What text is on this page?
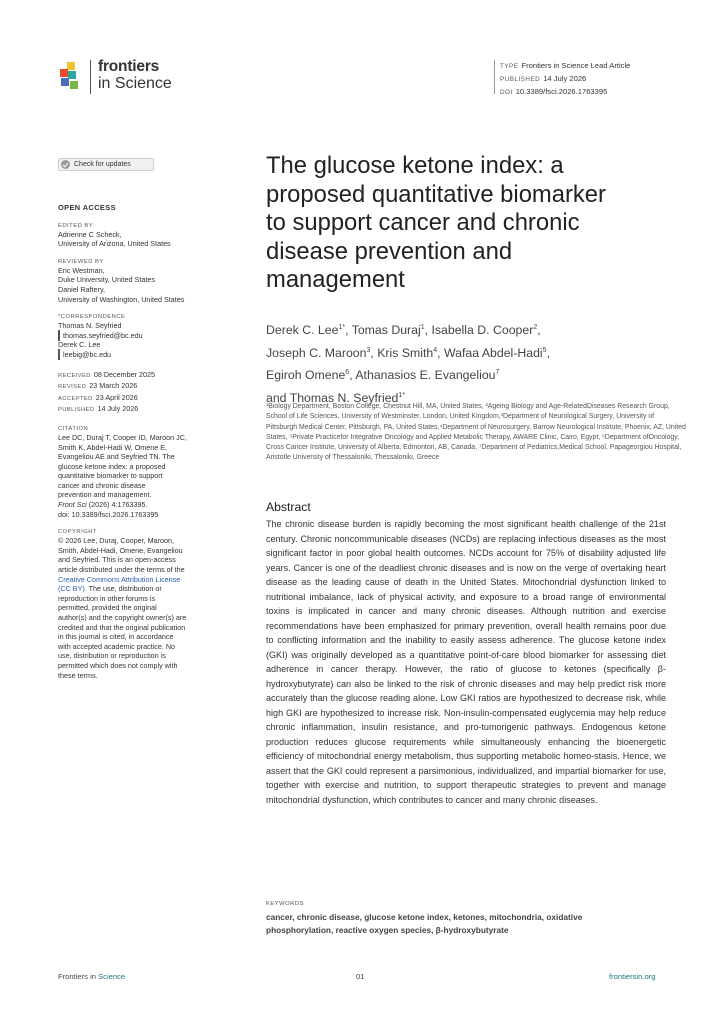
frontiers
in Science
TYPE Frontiers in Science Lead Article
PUBLISHED 14 July 2026
DOI 10.3389/fsci.2026.1763395
Check for updates
OPEN ACCESS
EDITED BY
Adrienne C Scheck,
University of Arizona, United States
REVIEWED BY
Eric Westman,
Duke University, United States
Daniel Raftery,
University of Washington, United States
*CORRESPONDENCE
Thomas N. Seyfried
thomas.seyfried@bc.edu
Derek C. Lee
leebig@bc.edu
RECEIVED 08 December 2025
REVISED 23 March 2026
ACCEPTED 23 April 2026
PUBLISHED 14 July 2026
CITATION
Lee DC, Duraj T, Cooper ID, Maroon JC,
Smith K, Abdel-Hadi W, Omene E,
Evangeliou AE and Seyfried TN. The
glucose ketone index: a proposed
quantitative biomarker to support
cancer and chronic disease
prevention and management.
Front Sci (2026) 4:1763395.
doi: 10.3389/fsci.2026.1763395
COPYRIGHT
© 2026 Lee, Duraj, Cooper, Maroon,
Smith, Abdel-Hadi, Omene, Evangeliou
and Seyfried. This is an open-access
article distributed under the terms of the
Creative Commons Attribution License
(CC BY). The use, distribution or
reproduction in other forums is
permitted, provided the original
author(s) and the copyright owner(s) are
credited and that the original publication
in this journal is cited, in accordance
with accepted academic practice. No
use, distribution or reproduction is
permitted which does not comply with
these terms.
The glucose ketone index: a
proposed quantitative biomarker
to support cancer and chronic
disease prevention and
management
Derek C. Lee$^{1*}$, Tomas Duraj$^1$, Isabella D. Cooper$^2$,
Joseph C. Maroon$^3$, Kris Smith$^4$, Wafaa Abdel-Hadi$^5$,
Egiroh Omene$^6$, Athanasios E. Evangeliou$^7$
and Thomas N. Seyfried$^{1*}$
¹Biology Department, Boston College, Chestnut Hill, MA, United States, ²Ageing Biology and Age-RelatedDiseases Research Group, School of Life Sciences, University of Westminster, London, United Kingdom,³Department of Neurological Surgery, University of Pittsburgh Medical Center, Pittsburgh, PA, United States,⁴Department of Neurosurgery, Barrow Neurological Institute, Phoenix, AZ, United States, ⁵Private Practicefor Integrative Oncology and Applied Metabolic Therapy, AWARE Clinic, Cairo, Egypt, ⁶Department ofOncology, Cross Cancer Institute, University of Alberta, Edmonton, AB, Canada, ⁷Department of Pediatrics,Medical School, Papageorgiou Hospital, Aristotle University of Thessaloniki, Thessaloniki, Greece
Abstract

The chronic disease burden is rapidly becoming the most significant health challenge of the 21st century. Chronic noncommunicable diseases (NCDs) are replacing infectious diseases as the most significant factor in poor global health outcomes. NCDs account for 75% of disability adjusted life years. Cancer is one of the deadliest chronic diseases and is now on the verge of overtaking heart disease as the leading cause of death in the United States. Mitochondrial dysfunction linked to nutritional imbalance, lack of physical activity, and exposure to a broad range of environmental toxins is implicated in cancer and many chronic diseases. Although nutrition and exercise recommendations have been emphasized for primary prevention, overall health remains poor due to conflicting information and the inability to easily assess adherence. The glucose ketone index (GKI) was originally developed as a quantitative point-of-care blood biomarker for assessing diet adherence in cancer therapy. However, the ratio of glucose to ketones (specifically β-hydroxybutyrate) can also be linked to the risk of chronic diseases and may help predict risk more accurately than the glucose reading alone. Low GKI ratios are hypothesized to decrease risk, while high GKI are hypothesized to increase risk. Non-insulin-compensated euglycemia may help reduce chronic inflammation, insulin resistance, and pro-tumorigenic pathways. Endogenous ketone production reduces glucose requirements while simultaneously enhancing the bioenergetic efficiency of mitochondrial energy metabolism, thus supporting metabolic homeo-stasis. Hence, we assert that the GKI could represent a parsimonious, individualized, and impartial biomarker for use, together with exercise and nutrition, to support therapeutic strategies to prevent and manage mitochondrial dysfunction, which contributes to cancer and many chronic diseases.

KEYWORDS
cancer, chronic disease, glucose ketone index, ketones, mitochondria, oxidative
phosphorylation, reactive oxygen species, β-hydroxybutyrate
Frontiers in Science	01	frontiersin.org
